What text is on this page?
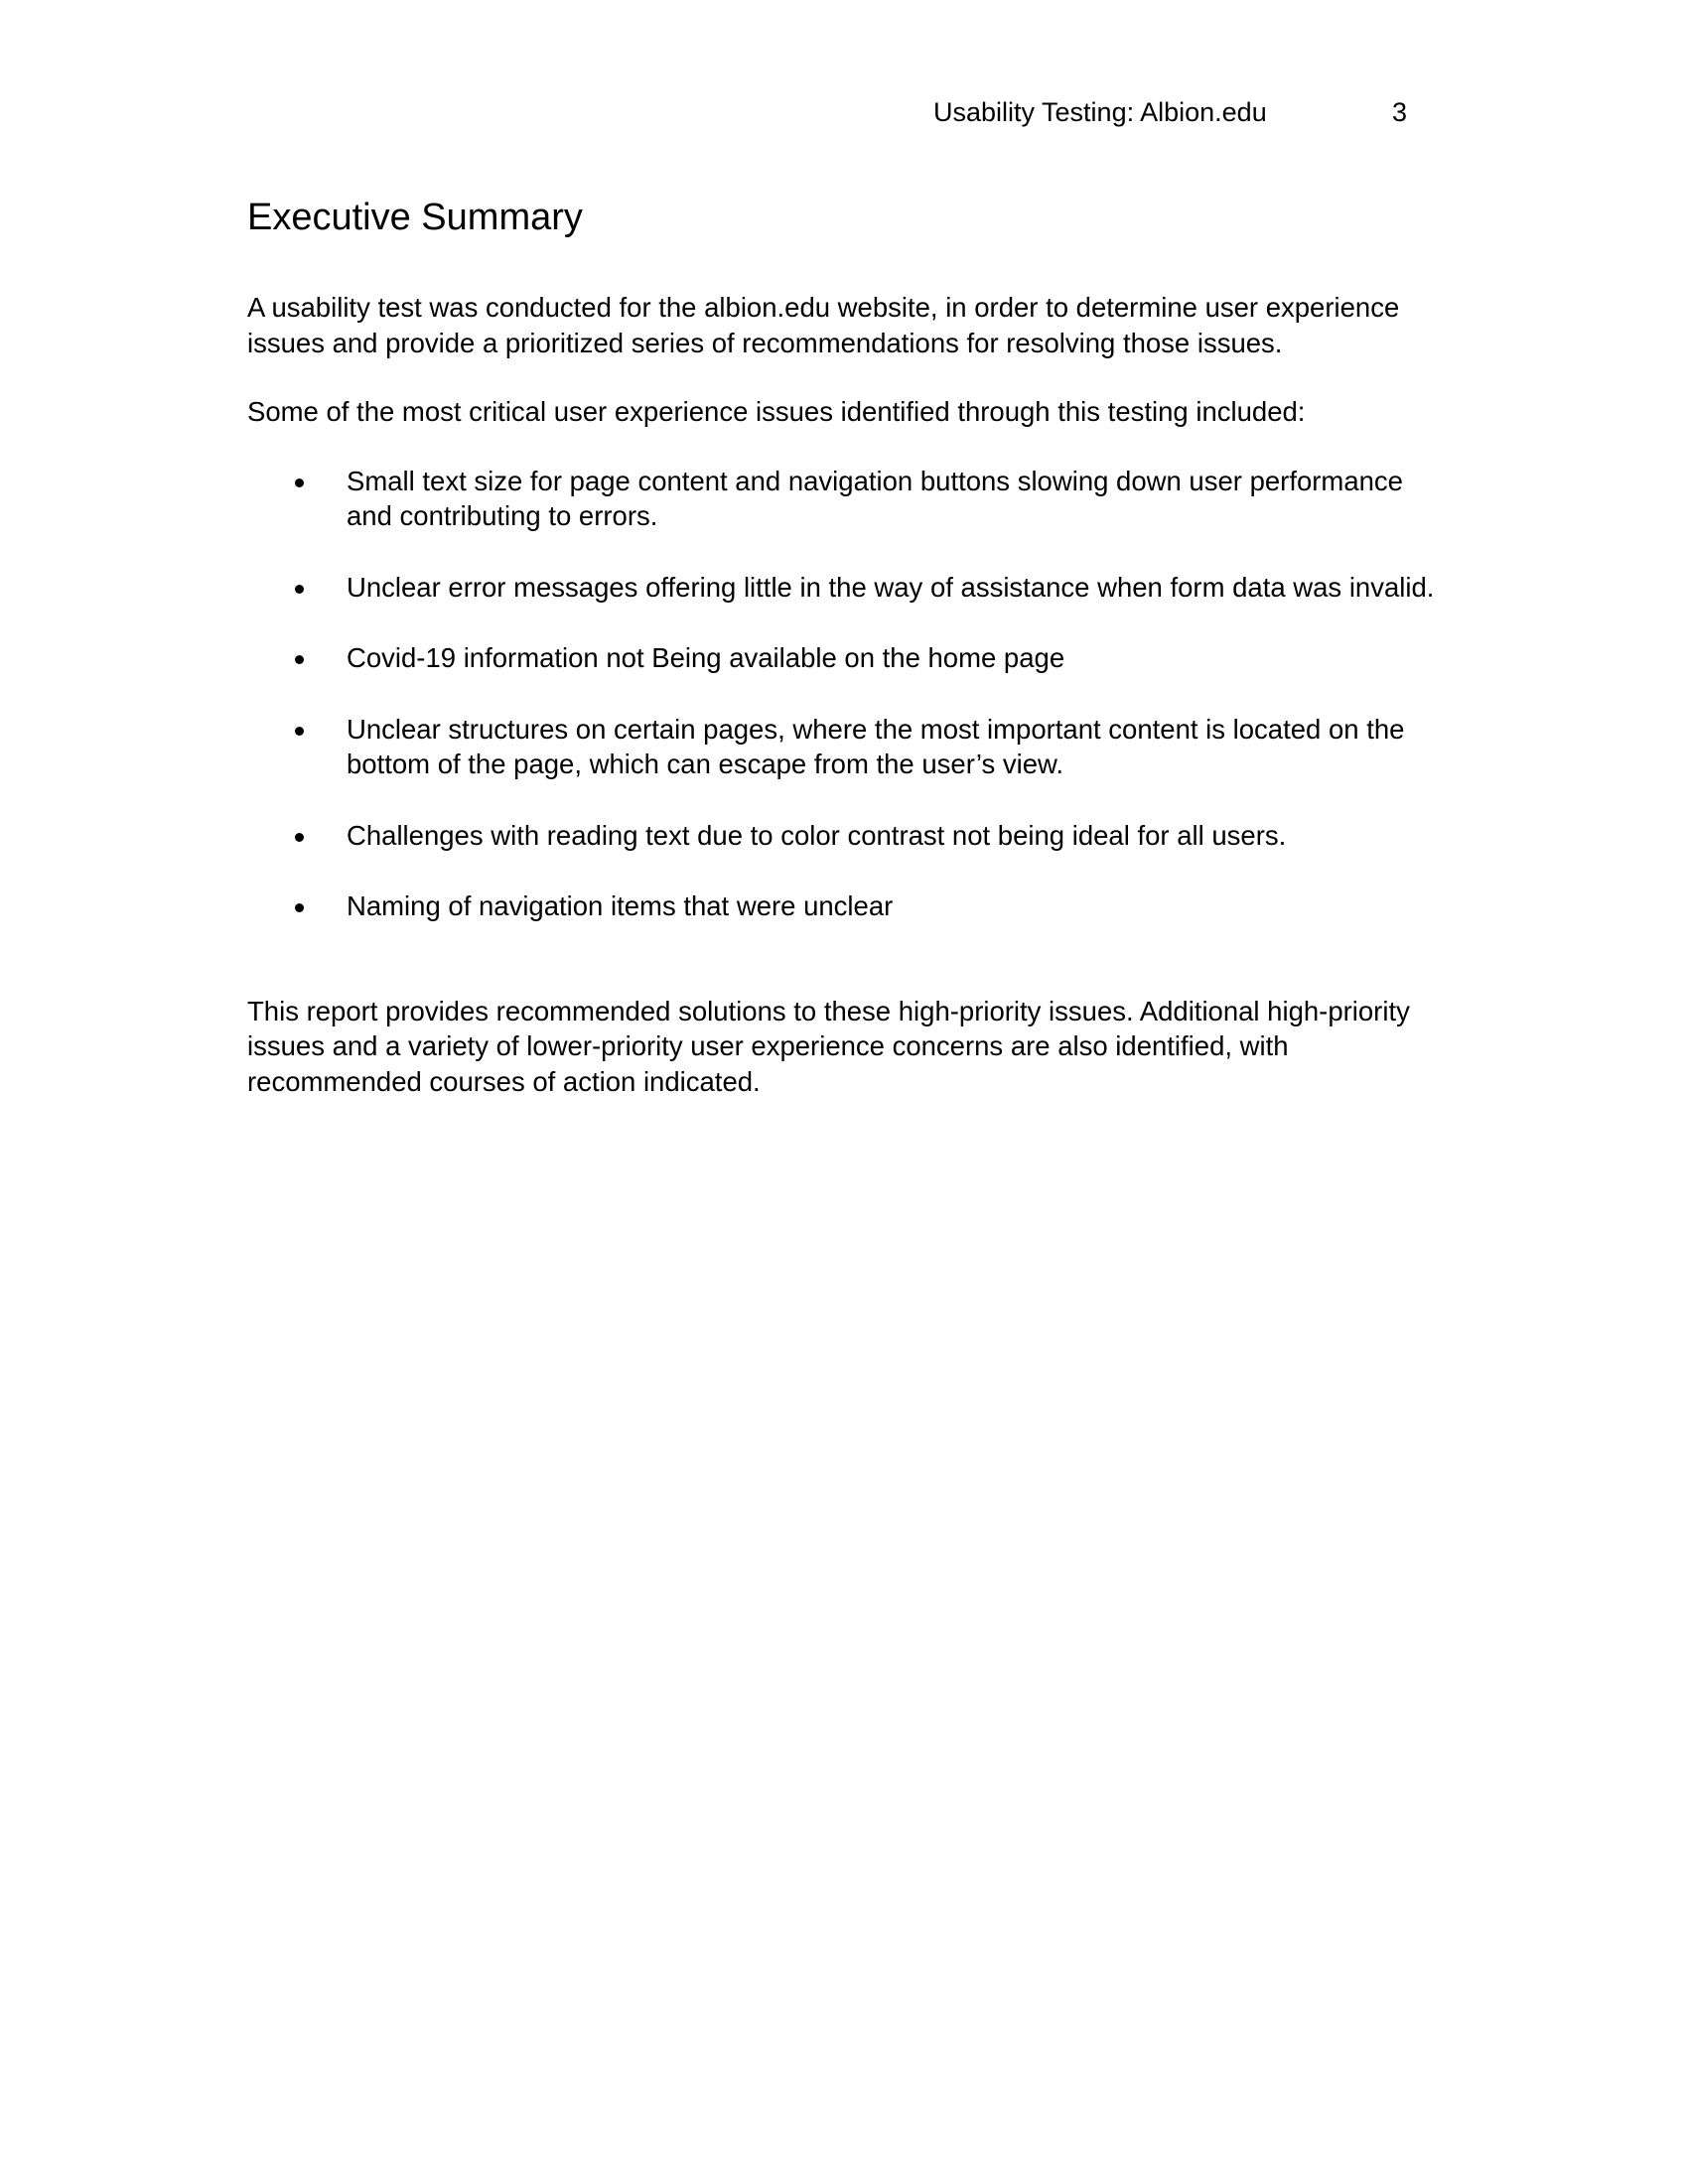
Usability Testing: Albion.edu	3
Executive Summary

A usability test was conducted for the albion.edu website, in order to determine user experience issues and provide a prioritized series of recommendations for resolving those issues.

Some of the most critical user experience issues identified through this testing included:

Small text size for page content and navigation buttons slowing down user performance and contributing to errors.
Unclear error messages offering little in the way of assistance when form data was invalid.
Covid-19 information not Being available on the home page
Unclear structures on certain pages, where the most important content is located on the bottom of the page, which can escape from the user’s view.
Challenges with reading text due to color contrast not being ideal for all users.
Naming of navigation items that were unclear

This report provides recommended solutions to these high-priority issues. Additional high-priority issues and a variety of lower-priority user experience concerns are also identified, with recommended courses of action indicated.
